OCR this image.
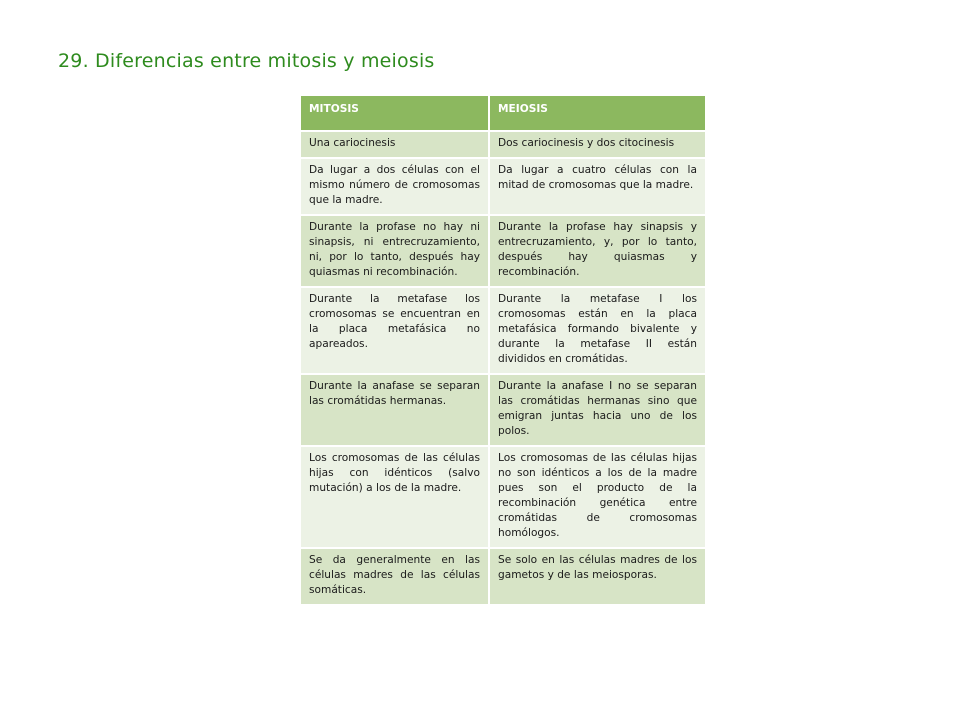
29. Diferencias entre mitosis y meiosis
MITOSIS	MEIOSIS
Una cariocinesis	Dos cariocinesis y dos citocinesis
Da lugar a dos células con el mismo número de cromosomas que la madre.	Da lugar a cuatro células con la mitad de cromosomas que la madre.
Durante la profase no hay ni sinapsis, ni entrecruzamiento, ni, por lo tanto, después hay quiasmas ni recombinación.	Durante la profase hay sinapsis y entrecruzamiento, y, por lo tanto, después hay quiasmas y recombinación.
Durante la metafase los cromosomas se encuentran en la placa metafásica no apareados.	Durante la metafase I los cromosomas están en la placa metafásica formando bivalente y durante la metafase II están divididos en cromátidas.
Durante la anafase se separan las cromátidas hermanas.	Durante la anafase I no se separan las cromátidas hermanas sino que emigran juntas hacia uno de los polos.
Los cromosomas de las células hijas con idénticos (salvo mutación) a los de la madre.	Los cromosomas de las células hijas no son idénticos a los de la madre pues son el producto de la recombinación genética entre cromátidas de cromosomas homólogos.
Se da generalmente en las células madres de las células somáticas.	Se solo en las células madres de los gametos y de las meiosporas.
